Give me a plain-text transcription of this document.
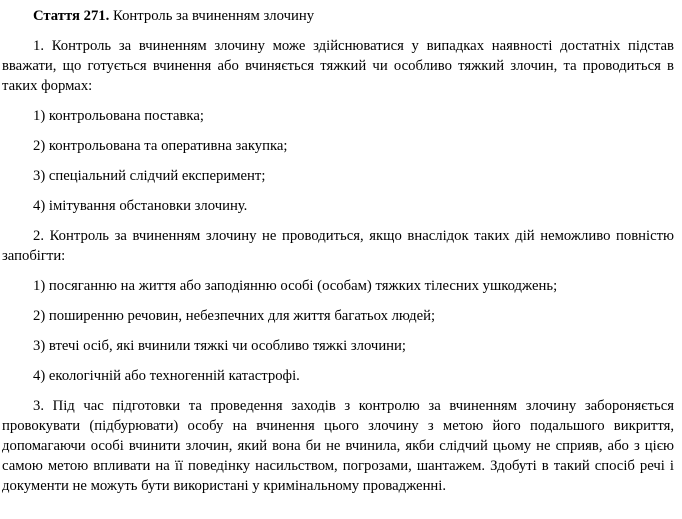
Стаття 271. Контроль за вчиненням злочину

1. Контроль за вчиненням злочину може здійснюватися у випадках наявності достатніх підстав вважати, що готується вчинення або вчиняється тяжкий чи особливо тяжкий злочин, та проводиться в таких формах:

1) контрольована поставка;

2) контрольована та оперативна закупка;

3) спеціальний слідчий експеримент;

4) імітування обстановки злочину.

2. Контроль за вчиненням злочину не проводиться, якщо внаслідок таких дій неможливо повністю запобігти:

1) посяганню на життя або заподіянню особі (особам) тяжких тілесних ушкоджень;

2) поширенню речовин, небезпечних для життя багатьох людей;

3) втечі осіб, які вчинили тяжкі чи особливо тяжкі злочини;

4) екологічній або техногенній катастрофі.

3. Під час підготовки та проведення заходів з контролю за вчиненням злочину забороняється провокувати (підбурювати) особу на вчинення цього злочину з метою його подальшого викриття, допомагаючи особі вчинити злочин, який вона би не вчинила, якби слідчий цьому не сприяв, або з цією самою метою впливати на її поведінку насильством, погрозами, шантажем. Здобуті в такий спосіб речі і документи не можуть бути використані у кримінальному провадженні.
